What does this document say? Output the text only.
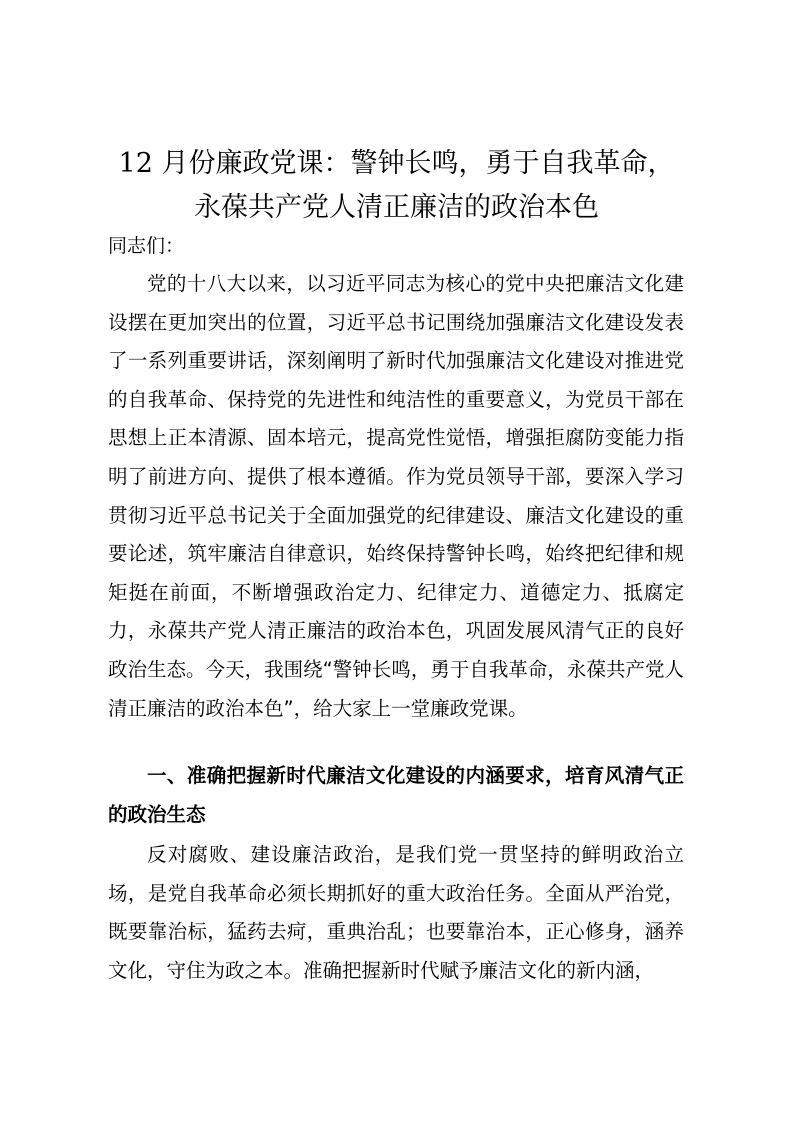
12 月份廉政党课：警钟长鸣，勇于自我革命，
永葆共产党人清正廉洁的政治本色
同志们：

党的十八大以来，以习近平同志为核心的党中央把廉洁文化建设摆在更加突出的位置，习近平总书记围绕加强廉洁文化建设发表了一系列重要讲话，深刻阐明了新时代加强廉洁文化建设对推进党的自我革命、保持党的先进性和纯洁性的重要意义，为党员干部在思想上正本清源、固本培元，提高党性觉悟，增强拒腐防变能力指明了前进方向、提供了根本遵循。作为党员领导干部，要深入学习贯彻习近平总书记关于全面加强党的纪律建设、廉洁文化建设的重要论述，筑牢廉洁自律意识，始终保持警钟长鸣，始终把纪律和规矩挺在前面，不断增强政治定力、纪律定力、道德定力、抵腐定力，永葆共产党人清正廉洁的政治本色，巩固发展风清气正的良好政治生态。今天，我围绕“警钟长鸣，勇于自我革命，永葆共产党人清正廉洁的政治本色”，给大家上一堂廉政党课。

一、准确把握新时代廉洁文化建设的内涵要求，培育风清气正的政治生态

反对腐败、建设廉洁政治，是我们党一贯坚持的鲜明政治立场，是党自我革命必须长期抓好的重大政治任务。全面从严治党，既要靠治标，猛药去疴，重典治乱；也要靠治本，正心修身，涵养文化，守住为政之本。准确把握新时代赋予廉洁文化的新内涵，
